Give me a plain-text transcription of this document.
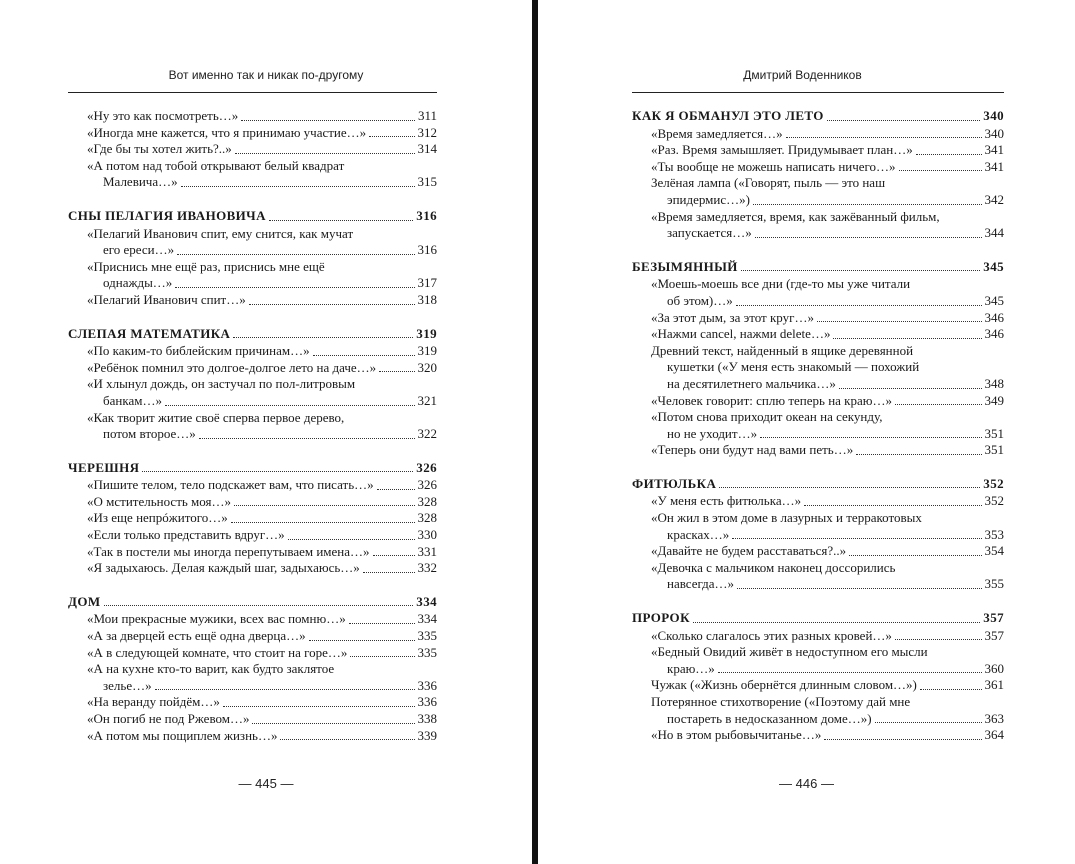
Вот именно так и никак по-другому
«Ну это как посмотреть…»	311
«Иногда мне кажется, что я принимаю участие…»	312
«Где бы ты хотел жить?..»	314
«А потом над тобой открывают белый квадрат
Малевича…»	315
СНЫ ПЕЛАГИЯ ИВАНОВИЧА	316
«Пелагий Иванович спит, ему снится, как мучат
его ереси…»	316
«Приснись мне ещё раз, приснись мне ещё
однажды…»	317
«Пелагий Иванович спит…»	318
СЛЕПАЯ МАТЕМАТИКА	319
«По каким-то библейским причинам…»	319
«Ребёнок помнил это долгое-долгое лето на даче…»	320
«И хлынул дождь, он застучал по пол-литровым
банкам…»	321
«Как творит житие своё сперва первое дерево,
потом второе…»	322
ЧЕРЕШНЯ	326
«Пишите телом, тело подскажет вам, что писать…»	326
«О мстительность моя…»	328
«Из еще непрóжитого…»	328
«Если только представить вдруг…»	330
«Так в постели мы иногда перепутываем имена…»	331
«Я задыхаюсь. Делая каждый шаг, задыхаюсь…»	332
ДОМ	334
«Мои прекрасные мужики, всех вас помню…»	334
«А за дверцей есть ещё одна дверца…»	335
«А в следующей комнате, что стоит на горе…»	335
«А на кухне кто-то варит, как будто заклятое
зелье…»	336
«На веранду пойдём…»	336
«Он погиб не под Ржевом…»	338
«А потом мы пощиплем жизнь…»	339
— 445 —
Дмитрий Воденников
КАК Я ОБМАНУЛ ЭТО ЛЕТО	340
«Время замедляется…»	340
«Раз. Время замышляет. Придумывает план…»	341
«Ты вообще не можешь написать ничего…»	341
Зелёная лампа («Говорят, пыль — это наш
эпидермис…»)	342
«Время замедляется, время, как зажёванный фильм,
запускается…»	344
БЕЗЫМЯННЫЙ	345
«Моешь-моешь все дни (где-то мы уже читали
об этом)…»	345
«За этот дым, за этот круг…»	346
«Нажми cancel, нажми delete…»	346
Древний текст, найденный в ящике деревянной
кушетки («У меня есть знакомый — похожий
на десятилетнего мальчика…»	348
«Человек говорит: сплю теперь на краю…»	349
«Потом снова приходит океан на секунду,
но не уходит…»	351
«Теперь они будут над вами петь…»	351
ФИТЮЛЬКА	352
«У меня есть фитюлька…»	352
«Он жил в этом доме в лазурных и терракотовых
красках…»	353
«Давайте не будем расставаться?..»	354
«Девочка с мальчиком наконец доссорились
навсегда…»	355
ПРОРОК	357
«Сколько слагалось этих разных кровей…»	357
«Бедный Овидий живёт в недоступном его мысли
краю…»	360
Чужак («Жизнь обернётся длинным словом…»)	361
Потерянное стихотворение («Поэтому дай мне
постареть в недосказанном доме…»)	363
«Но в этом рыбовычитанье…»	364
— 446 —
